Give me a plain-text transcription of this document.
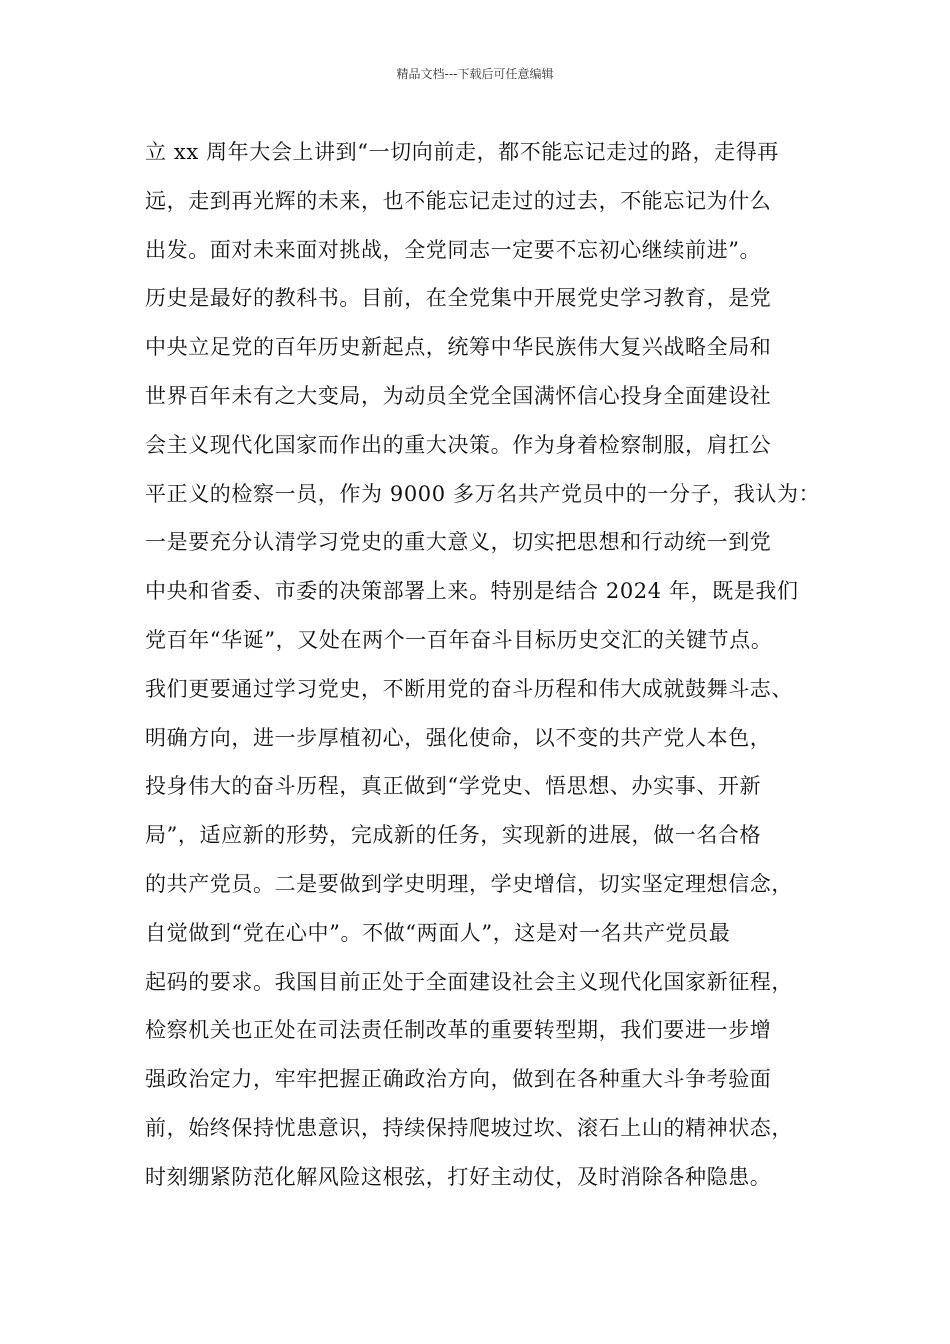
精品文档---下载后可任意编辑
立 xx 周年大会上讲到“一切向前走，都不能忘记走过的路，走得再
远，走到再光辉的未来，也不能忘记走过的过去，不能忘记为什么
出发。面对未来面对挑战，全党同志一定要不忘初心继续前进”。
历史是最好的教科书。目前，在全党集中开展党史学习教育，是党
中央立足党的百年历史新起点，统筹中华民族伟大复兴战略全局和
世界百年未有之大变局，为动员全党全国满怀信心投身全面建设社
会主义现代化国家而作出的重大决策。作为身着检察制服，肩扛公
平正义的检察一员，作为 9000 多万名共产党员中的一分子，我认为：
一是要充分认清学习党史的重大意义，切实把思想和行动统一到党
中央和省委、市委的决策部署上来。特别是结合 2024 年，既是我们
党百年“华诞”，又处在两个一百年奋斗目标历史交汇的关键节点。
我们更要通过学习党史，不断用党的奋斗历程和伟大成就鼓舞斗志、
明确方向，进一步厚植初心，强化使命，以不变的共产党人本色，
投身伟大的奋斗历程，真正做到“学党史、悟思想、办实事、开新
局”，适应新的形势，完成新的任务，实现新的进展，做一名合格
的共产党员。二是要做到学史明理，学史增信，切实坚定理想信念，
自觉做到“党在心中”。不做“两面人”，这是对一名共产党员最
起码的要求。我国目前正处于全面建设社会主义现代化国家新征程，
检察机关也正处在司法责任制改革的重要转型期，我们要进一步增
强政治定力，牢牢把握正确政治方向，做到在各种重大斗争考验面
前，始终保持忧患意识，持续保持爬坡过坎、滚石上山的精神状态，
时刻绷紧防范化解风险这根弦，打好主动仗，及时消除各种隐患。
